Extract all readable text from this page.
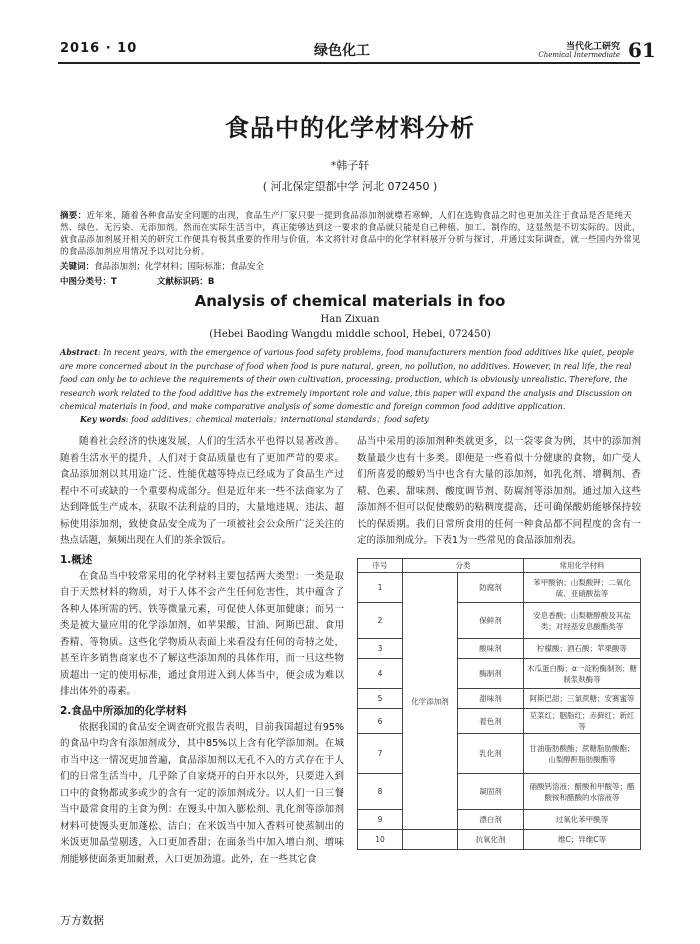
2016 · 10	绿色化工	当代化工研究
Chemical Intermediate 61
食品中的化学材料分析
*韩子轩
( 河北保定望都中学 河北 072450 )
摘要：近年来，随着各种食品安全问题的出现，食品生产厂家只要一提到食品添加剂就噤若寒蝉，人们在选购食品之时也更加关注于食品是否是纯天然、绿色、无污染、无添加剂。然而在实际生活当中，真正能够达到这一要求的食品就只能是自己种植、加工、制作的，这显然是不切实际的。因此，就食品添加剂展开相关的研究工作便具有极其重要的作用与价值，本文将针对食品中的化学材料展开分析与探讨，并通过实际调查，就一些国内外常见的食品添加剂应用情况予以对比分析。
关键词：食品添加剂；化学材料；国际标准；食品安全
中图分类号：T	文献标识码：B
Analysis of chemical materials in foo
Han Zixuan
(Hebei Baoding Wangdu middle school, Hebei, 072450)
Abstract: In recent years, with the emergence of various food safety problems, food manufacturers mention food additives like quiet, people are more concerned about in the purchase of food when food is pure natural, green, no pollution, no additives. However, in real life, the real food can only be to achieve the requirements of their own cultivation, processing, production, which is obviously unrealistic. Therefore, the research work related to the food additive has the extremely important role and value, this paper will expand the analysis and Discussion on chemical materials in food, and make comparative analysis of some domestic and foreign common food additive application.
Key words: food additives；chemical materials；international standards；food safety

随着社会经济的快速发展，人们的生活水平也得以显著改善。随着生活水平的提升，人们对于食品质量也有了更加严苛的要求。食品添加剂以其用途广泛、性能优越等特点已经成为了食品生产过程中不可或缺的一个重要构成部分。但是近年来一些不法商家为了达到降低生产成本，获取不法利益的目的，大量地违规、违法、超标使用添加剂，致使食品安全成为了一项被社会公众所广泛关注的热点话题，频频出现在人们的茶余饭后。

1.概述

在食品当中较常采用的化学材料主要包括两大类型：一类是取自于天然材料的物质，对于人体不会产生任何危害性，其中蕴含了各种人体所需的钙、铁等微量元素，可促使人体更加健康；而另一类是被大量应用的化学添加剂，如苹果酸、甘油、阿斯巴甜、食用香精、等物质。这些化学物质从表面上来看没有任何的奇特之处，甚至许多销售商家也不了解这些添加剂的具体作用，而一旦这些物质超出一定的使用标准，通过食用进入到人体当中，便会成为难以排出体外的毒素。

2.食品中所添加的化学材料

依据我国的食品安全调查研究报告表明，目前我国超过有95%的食品中均含有添加剂成分，其中85%以上含有化学添加剂。在城市当中这一情况更加普遍，食品添加剂以无孔不入的方式存在于人们的日常生活当中，几乎除了自家烧开的白开水以外，只要进入到口中的食物都或多或少的含有一定的添加剂成分。以人们一日三餐当中最常食用的主食为例：在馒头中加入膨松剂、乳化剂等添加剂材料可使馒头更加蓬松、洁白；在米饭当中加入香料可使蒸制出的米饭更加晶莹剔透，入口更加香甜；在面条当中加入增白剂、增味剂能够使面条更加耐煮，入口更加劲道。此外，在一些其它食

品当中采用的添加剂种类就更多，以一袋零食为例，其中的添加剂数量最少也有十多类。即便是一些看似十分健康的食物，如广受人们所喜爱的酸奶当中也含有大量的添加剂，如乳化剂、增稠剂、香精、色素、甜味剂、酸度调节剂、防腐剂等添加剂。通过加入这些添加剂不但可以促使酸奶的粘稠度提高，还可确保酸奶能够保持较长的保质期。我们日常所食用的任何一种食品都不同程度的含有一定的添加剂成分。下表1为一些常见的食品添加剂表。

序号	分类		常用化学材料
1	化学添加剂	防腐剂	苯甲酸钠；山梨酸钾；二氧化硫、亚硝酸盐等
2		保鲜剂	安息香酸；山梨糖醇酸及其盐类；对羟基安息酸酯类等
3		酸味剂	柠檬酸；酒石酸；苹果酸等
4		酶制剂	木瓜蛋白酶；α一淀粉酶制剂；糖制浆麸酶等
5		甜味剂	阿斯巴甜；三氯蔗糖；安赛蜜等
6		着色剂	苋菜红；胭脂红；赤藓红；新红等
7		乳化剂	甘油脂肪酸酯；蔗糖脂肪酸酯；山梨醇酐脂肪酸酯等
8		凝固剂	硝酸钙溶液；醋酸和甲酸等；醋酸铵和醋酸的水溶液等
9		漂白剂	过氧化苯甲酰等
10		抗氧化剂	维C；异维C等
万方数据
